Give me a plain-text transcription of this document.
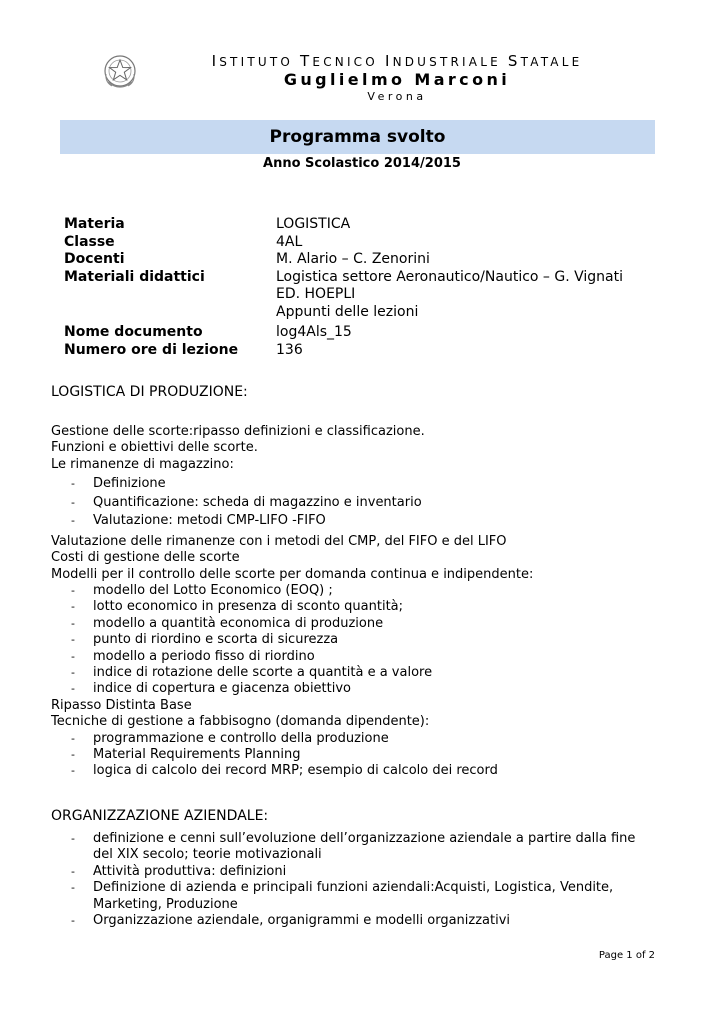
ISTITUTO TECNICO INDUSTRIALE STATALE
Guglielmo Marconi
Verona
Programma svolto
Anno Scolastico 2014/2015
Materia	LOGISTICA
Classe	4AL
Docenti	M. Alario – C. Zenorini
Materiali didattici	Logistica settore Aeronautico/Nautico – G. Vignati
ED. HOEPLI
Appunti delle lezioni
Nome documento	log4Als_15
Numero ore di lezione	136
LOGISTICA DI PRODUZIONE:

Gestione delle scorte:ripasso definizioni e classificazione.

Funzioni e obiettivi delle scorte.

Le rimanenze di magazzino:

- Definizione
- Quantificazione: scheda di magazzino e inventario
- Valutazione: metodi CMP-LIFO -FIFO

Valutazione delle rimanenze con i metodi del CMP, del FIFO e del LIFO

Costi di gestione delle scorte

Modelli per il controllo delle scorte per domanda continua e indipendente:

- modello del Lotto Economico (EOQ) ;
- lotto economico in presenza di sconto quantità;
- modello a quantità economica di produzione
- punto di riordino e scorta di sicurezza
- modello a periodo fisso di riordino
- indice di rotazione delle scorte a quantità e a valore
- indice di copertura e giacenza obiettivo

Ripasso Distinta Base

Tecniche di gestione a fabbisogno (domanda dipendente):

- programmazione e controllo della produzione
- Material Requirements Planning
- logica di calcolo dei record MRP; esempio di calcolo dei record
ORGANIZZAZIONE AZIENDALE:
- definizione e cenni sull’evoluzione dell’organizzazione aziendale a partire dalla fine del XIX secolo; teorie motivazionali
- Attività produttiva: definizioni
- Definizione di azienda e principali funzioni aziendali:Acquisti, Logistica, Vendite, Marketing, Produzione
- Organizzazione aziendale, organigrammi e modelli organizzativi
Page 1 of 2
